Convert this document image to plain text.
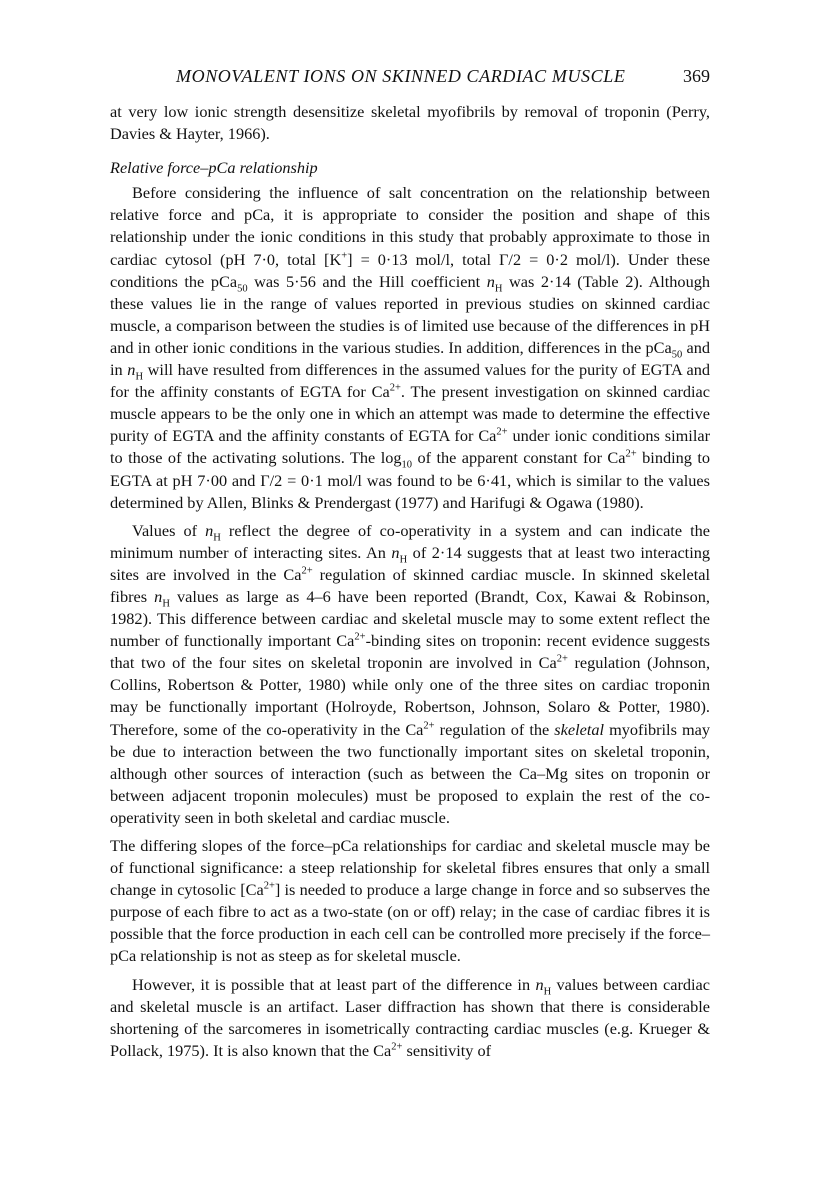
MONOVALENT IONS ON SKINNED CARDIAC MUSCLE	369

at very low ionic strength desensitize skeletal myofibrils by removal of troponin (Perry, Davies & Hayter, 1966).

Relative force–pCa relationship

Before considering the influence of salt concentration on the relationship between relative force and pCa, it is appropriate to consider the position and shape of this relationship under the ionic conditions in this study that probably approximate to those in cardiac cytosol (pH 7·0, total [K+] = 0·13 mol/l, total Γ/2 = 0·2 mol/l). Under these conditions the pCa$_{50}$ was 5·56 and the Hill coefficient $n_H$ was 2·14 (Table 2). Although these values lie in the range of values reported in previous studies on skinned cardiac muscle, a comparison between the studies is of limited use because of the differences in pH and in other ionic conditions in the various studies. In addition, differences in the pCa$_{50}$ and in $n_H$ will have resulted from differences in the assumed values for the purity of EGTA and for the affinity constants of EGTA for $Ca^{2+}$. The present investigation on skinned cardiac muscle appears to be the only one in which an attempt was made to determine the effective purity of EGTA and the affinity constants of EGTA for $Ca^{2+}$ under ionic conditions similar to those of the activating solutions. The $\log_{10}$ of the apparent constant for $Ca^{2+}$ binding to EGTA at pH 7·00 and Γ/2 = 0·1 mol/l was found to be 6·41, which is similar to the values determined by Allen, Blinks & Prendergast (1977) and Harifugi & Ogawa (1980).

Values of $n_H$ reflect the degree of co-operativity in a system and can indicate the minimum number of interacting sites. An $n_H$ of 2·14 suggests that at least two interacting sites are involved in the $Ca^{2+}$ regulation of skinned cardiac muscle. In skinned skeletal fibres $n_H$ values as large as 4–6 have been reported (Brandt, Cox, Kawai & Robinson, 1982). This difference between cardiac and skeletal muscle may to some extent reflect the number of functionally important $Ca^{2+}$-binding sites on troponin: recent evidence suggests that two of the four sites on skeletal troponin are involved in $Ca^{2+}$ regulation (Johnson, Collins, Robertson & Potter, 1980) while only one of the three sites on cardiac troponin may be functionally important (Holroyde, Robertson, Johnson, Solaro & Potter, 1980). Therefore, some of the co-operativity in the $Ca^{2+}$ regulation of the skeletal myofibrils may be due to interaction between the two functionally important sites on skeletal troponin, although other sources of interaction (such as between the Ca–Mg sites on troponin or between adjacent troponin molecules) must be proposed to explain the rest of the co-operativity seen in both skeletal and cardiac muscle.

The differing slopes of the force–pCa relationships for cardiac and skeletal muscle may be of functional significance: a steep relationship for skeletal fibres ensures that only a small change in cytosolic $[Ca^{2+}]$ is needed to produce a large change in force and so subserves the purpose of each fibre to act as a two-state (on or off) relay; in the case of cardiac fibres it is possible that the force production in each cell can be controlled more precisely if the force–pCa relationship is not as steep as for skeletal muscle.

However, it is possible that at least part of the difference in $n_H$ values between cardiac and skeletal muscle is an artifact. Laser diffraction has shown that there is considerable shortening of the sarcomeres in isometrically contracting cardiac muscles (e.g. Krueger & Pollack, 1975). It is also known that the $Ca^{2+}$ sensitivity of
